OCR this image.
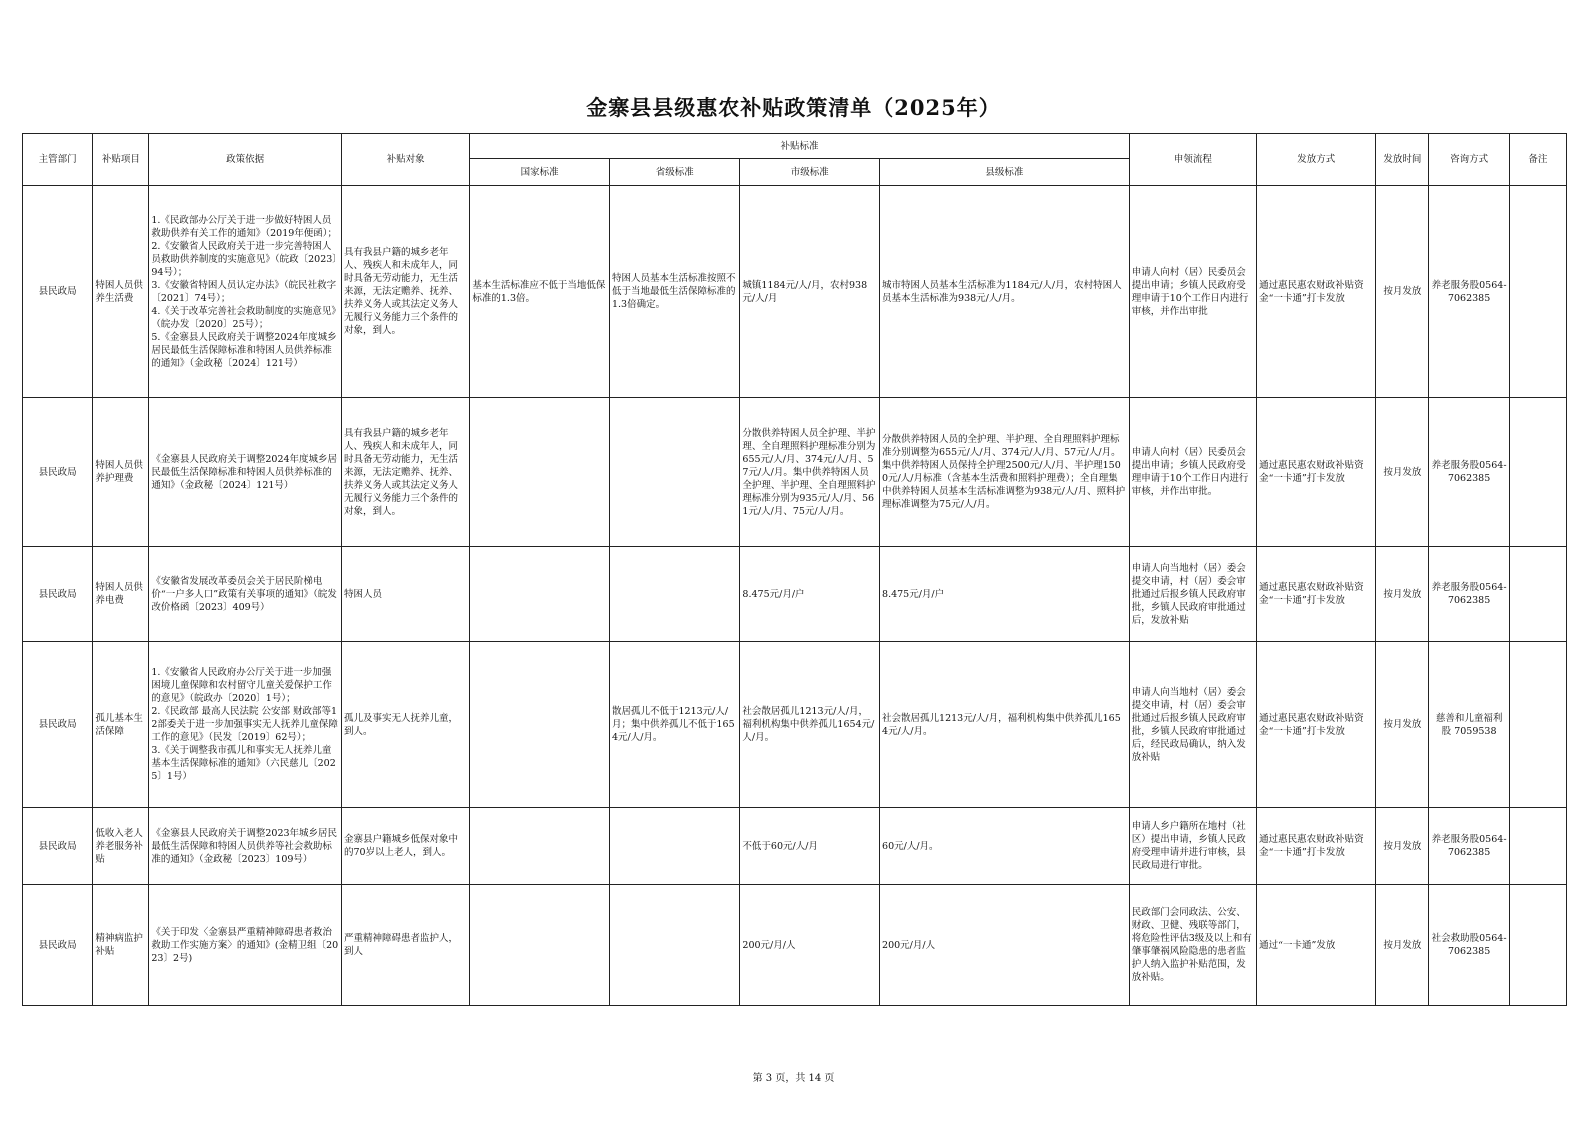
金寨县县级惠农补贴政策清单（2025年）
主管部门	补贴项目	政策依据	补贴对象	补贴标准				申领流程	发放方式	发放时间	咨询方式	备注
				国家标准	省级标准	市级标准	县级标准					
县民政局	特困人员供养生活费	1.《民政部办公厅关于进一步做好特困人员救助供养有关工作的通知》（2019年便函）；
2.《安徽省人民政府关于进一步完善特困人员救助供养制度的实施意见》（皖政〔2023〕94号）；
3.《安徽省特困人员认定办法》（皖民社救字〔2021〕74号）；
4.《关于改革完善社会救助制度的实施意见》（皖办发〔2020〕25号）；
5.《金寨县人民政府关于调整2024年度城乡居民最低生活保障标准和特困人员供养标准的通知》（金政秘〔2024〕121号）	具有我县户籍的城乡老年人、残疾人和未成年人，同时具备无劳动能力，无生活来源，无法定赡养、抚养、扶养义务人或其法定义务人无履行义务能力三个条件的对象，到人。	基本生活标准应不低于当地低保标准的1.3倍。	特困人员基本生活标准按照不低于当地最低生活保障标准的1.3倍确定。	城镇1184元/人/月，农村938元/人/月	城市特困人员基本生活标准为1184元/人/月，农村特困人员基本生活标准为938元/人/月。	申请人向村（居）民委员会提出申请；乡镇人民政府受理申请于10个工作日内进行审核，并作出审批	通过惠民惠农财政补贴资金“一卡通”打卡发放	按月发放	养老服务股0564-7062385	
县民政局	特困人员供养护理费	《金寨县人民政府关于调整2024年度城乡居民最低生活保障标准和特困人员供养标准的通知》（金政秘〔2024〕121号）	具有我县户籍的城乡老年人、残疾人和未成年人，同时具备无劳动能力，无生活来源，无法定赡养、抚养、扶养义务人或其法定义务人无履行义务能力三个条件的对象，到人。			分散供养特困人员全护理、半护理、全自理照料护理标准分别为655元/人/月、374元/人/月、57元/人/月。集中供养特困人员全护理、半护理、全自理照料护理标准分别为935元/人/月、561元/人/月、75元/人/月。	分散供养特困人员的全护理、半护理、全自理照料护理标准分别调整为655元/人/月、374元/人/月、57元/人/月。集中供养特困人员保持全护理2500元/人/月、半护理1500元/人/月标准（含基本生活费和照料护理费）；全自理集中供养特困人员基本生活标准调整为938元/人/月、照料护理标准调整为75元/人/月。	申请人向村（居）民委员会提出申请；乡镇人民政府受理申请于10个工作日内进行审核，并作出审批。	通过惠民惠农财政补贴资金“一卡通”打卡发放	按月发放	养老服务股0564-7062385	
县民政局	特困人员供养电费	《安徽省发展改革委员会关于居民阶梯电价“一户多人口”政策有关事项的通知》（皖发改价格函〔2023〕409号）	特困人员			8.475元/月/户	8.475元/月/户	申请人向当地村（居）委会提交申请，村（居）委会审批通过后报乡镇人民政府审批，乡镇人民政府审批通过后，发放补贴	通过惠民惠农财政补贴资金“一卡通”打卡发放	按月发放	养老服务股0564-7062385	
县民政局	孤儿基本生活保障	1.《安徽省人民政府办公厅关于进一步加强困境儿童保障和农村留守儿童关爱保护工作的意见》（皖政办〔2020〕1号）；
2.《民政部 最高人民法院 公安部 财政部等12部委关于进一步加强事实无人抚养儿童保障工作的意见》（民发〔2019〕62号）；
3.《关于调整我市孤儿和事实无人抚养儿童基本生活保障标准的通知》（六民慈儿〔2025〕1号）	孤儿及事实无人抚养儿童，到人。		散居孤儿不低于1213元/人/月；集中供养孤儿不低于1654元/人/月。	社会散居孤儿1213元/人/月，福利机构集中供养孤儿1654元/人/月。	社会散居孤儿1213元/人/月，福利机构集中供养孤儿1654元/人/月。	申请人向当地村（居）委会提交申请，村（居）委会审批通过后报乡镇人民政府审批，乡镇人民政府审批通过后，经民政局确认，纳入发放补贴	通过惠民惠农财政补贴资金“一卡通”打卡发放	按月发放	慈善和儿童福利股 7059538	
县民政局	低收入老人养老服务补贴	《金寨县人民政府关于调整2023年城乡居民最低生活保障和特困人员供养等社会救助标准的通知》（金政秘〔2023〕109号）	金寨县户籍城乡低保对象中的70岁以上老人，到人。			不低于60元/人/月	60元/人/月。	申请人乡户籍所在地村（社区）提出申请，乡镇人民政府受理申请并进行审核，县民政局进行审批。	通过惠民惠农财政补贴资金“一卡通”打卡发放	按月发放	养老服务股0564-7062385	
县民政局	精神病监护补贴	《关于印发〈金寨县严重精神障碍患者救治救助工作实施方案〉的通知》(金精卫组〔2023〕2号)	严重精神障碍患者监护人，到人			200元/月/人	200元/月/人	民政部门会同政法、公安、财政、卫健、残联等部门，将危险性评估3级及以上和有肇事肇祸风险隐患的患者监护人纳入监护补贴范围，发放补贴。	通过“一卡通”发放	按月发放	社会救助股0564-7062385	
第 3 页，共 14 页
